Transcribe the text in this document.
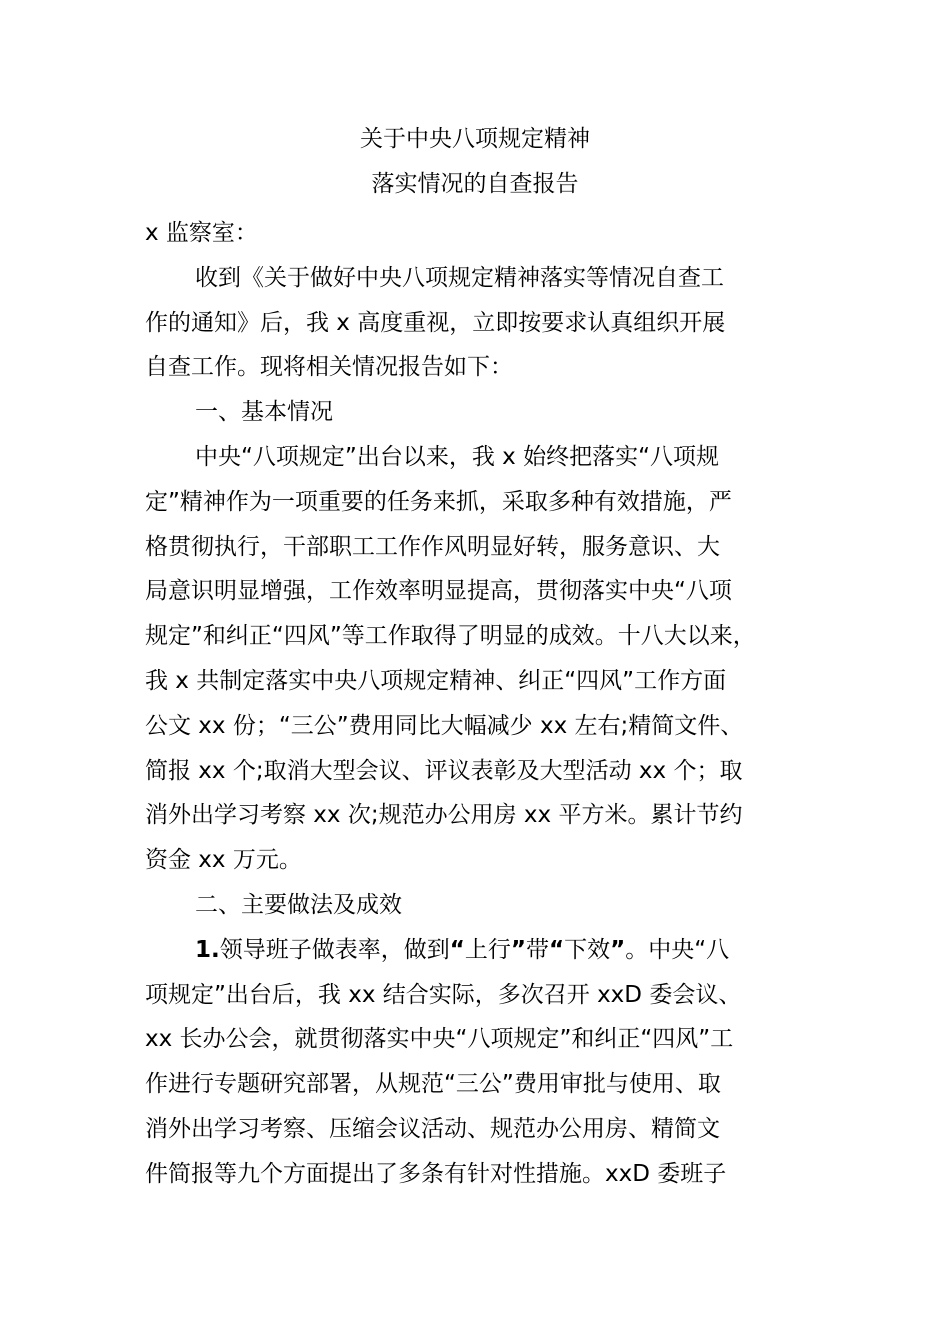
关于中央八项规定精神
落实情况的自查报告
x 监察室：
收到《关于做好中央八项规定精神落实等情况自查工
作的通知》后，我 x 高度重视，立即按要求认真组织开展
自查工作。现将相关情况报告如下：
一、基本情况
中央“八项规定”出台以来，我 x 始终把落实“八项规
定”精神作为一项重要的任务来抓，采取多种有效措施，严
格贯彻执行，干部职工工作作风明显好转，服务意识、大
局意识明显增强，工作效率明显提高，贯彻落实中央“八项
规定”和纠正“四风”等工作取得了明显的成效。十八大以来，
我 x 共制定落实中央八项规定精神、纠正“四风”工作方面
公文 xx 份；“三公”费用同比大幅减少 xx 左右;精简文件、
简报 xx 个;取消大型会议、评议表彰及大型活动 xx 个；取
消外出学习考察 xx 次;规范办公用房 xx 平方米。累计节约
资金 xx 万元。
二、主要做法及成效
1.领导班子做表率，做到“上行”带“下效”。中央“八
项规定”出台后，我 xx 结合实际，多次召开 xxD 委会议、
xx 长办公会，就贯彻落实中央“八项规定”和纠正“四风”工
作进行专题研究部署，从规范“三公”费用审批与使用、取
消外出学习考察、压缩会议活动、规范办公用房、精简文
件简报等九个方面提出了多条有针对性措施。xxD 委班子
